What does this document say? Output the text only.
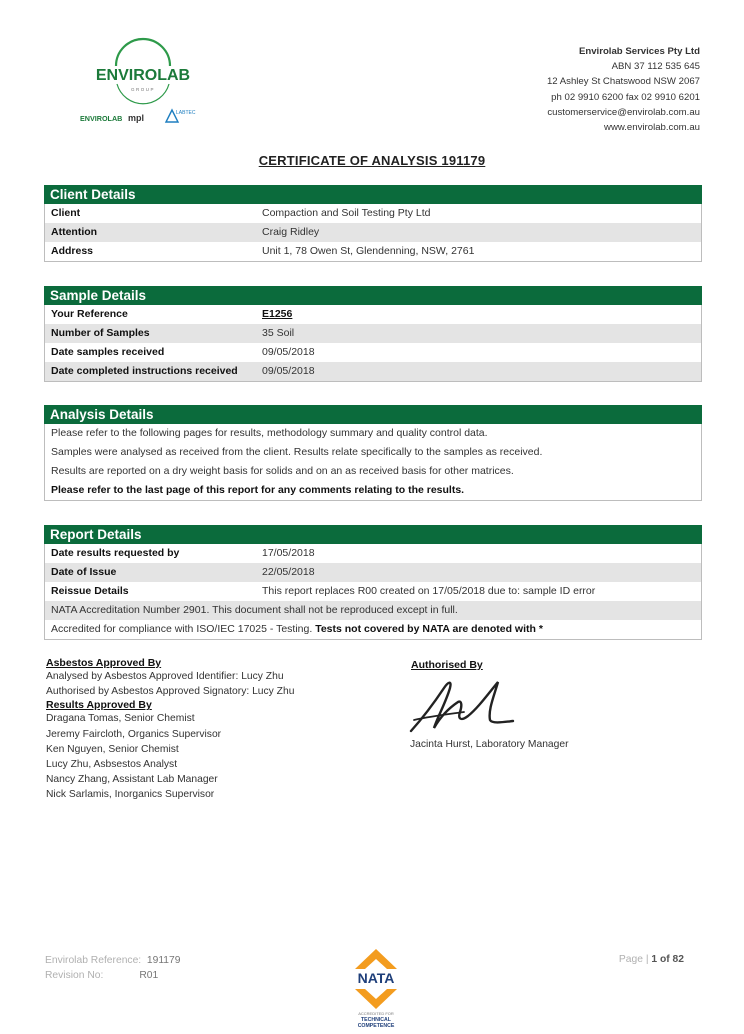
ENVIROLAB
GROUP
ENVIROLAB mpl	LABTEC
Envirolab Services Pty Ltd
ABN 37 112 535 645
12 Ashley St Chatswood NSW 2067
ph 02 9910 6200 fax 02 9910 6201
customerservice@envirolab.com.au
www.envirolab.com.au
CERTIFICATE OF ANALYSIS 191179
Client Details
Client	Compaction and Soil Testing Pty Ltd
Attention	Craig Ridley
Address	Unit 1, 78 Owen St, Glendenning, NSW, 2761
Sample Details
Your Reference	E1256
Number of Samples	35 Soil
Date samples received	09/05/2018
Date completed instructions received	09/05/2018
Analysis Details
Please refer to the following pages for results, methodology summary and quality control data.
Samples were analysed as received from the client. Results relate specifically to the samples as received.
Results are reported on a dry weight basis for solids and on an as received basis for other matrices.
Please refer to the last page of this report for any comments relating to the results.
Report Details
Date results requested by	17/05/2018
Date of Issue	22/05/2018
Reissue Details	This report replaces R00 created on 17/05/2018 due to: sample ID error
NATA Accreditation Number 2901. This document shall not be reproduced except in full.
Accredited for compliance with ISO/IEC 17025 - Testing. Tests not covered by NATA are denoted with *
Asbestos Approved By
Analysed by Asbestos Approved Identifier: Lucy Zhu
Authorised by Asbestos Approved Signatory: Lucy Zhu
Results Approved By
Dragana Tomas, Senior Chemist
Jeremy Faircloth, Organics Supervisor
Ken Nguyen, Senior Chemist
Lucy Zhu, Asbsestos Analyst
Nancy Zhang, Assistant Lab Manager
Nick Sarlamis, Inorganics Supervisor
Authorised By
Jacinta Hurst, Laboratory Manager
Envirolab Reference: 191179
Revision No:	R01	NATA
ACCREDITED FOR
TECHNICAL
COMPETENCE
Page | 1 of 82
